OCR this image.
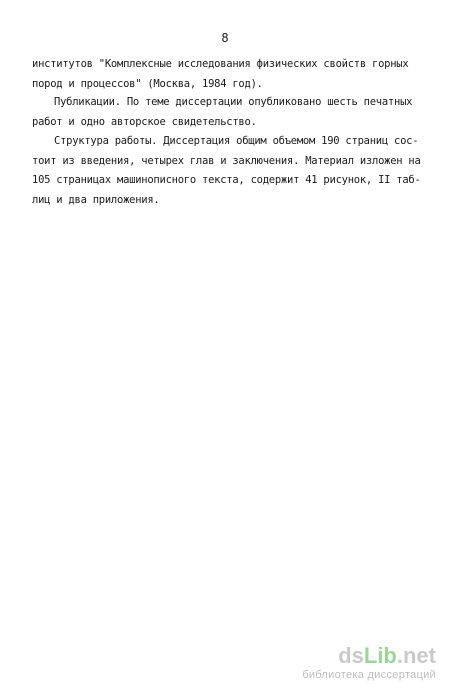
8
институтов "Комплексные исследования физических свойств горных
пород и процессов" (Москва, 1984 год).
Публикации. По теме диссертации опубликовано шесть печатных
работ и одно авторское свидетельство.
Структура работы. Диссертация общим объемом 190 страниц сос-
тоит из введения, четырех глав и заключения. Материал изложен на
105 страницах машинописного текста, содержит 41 рисунок, II таб-
лиц и два приложения.
dsLib.net
библиотека диссертаций
